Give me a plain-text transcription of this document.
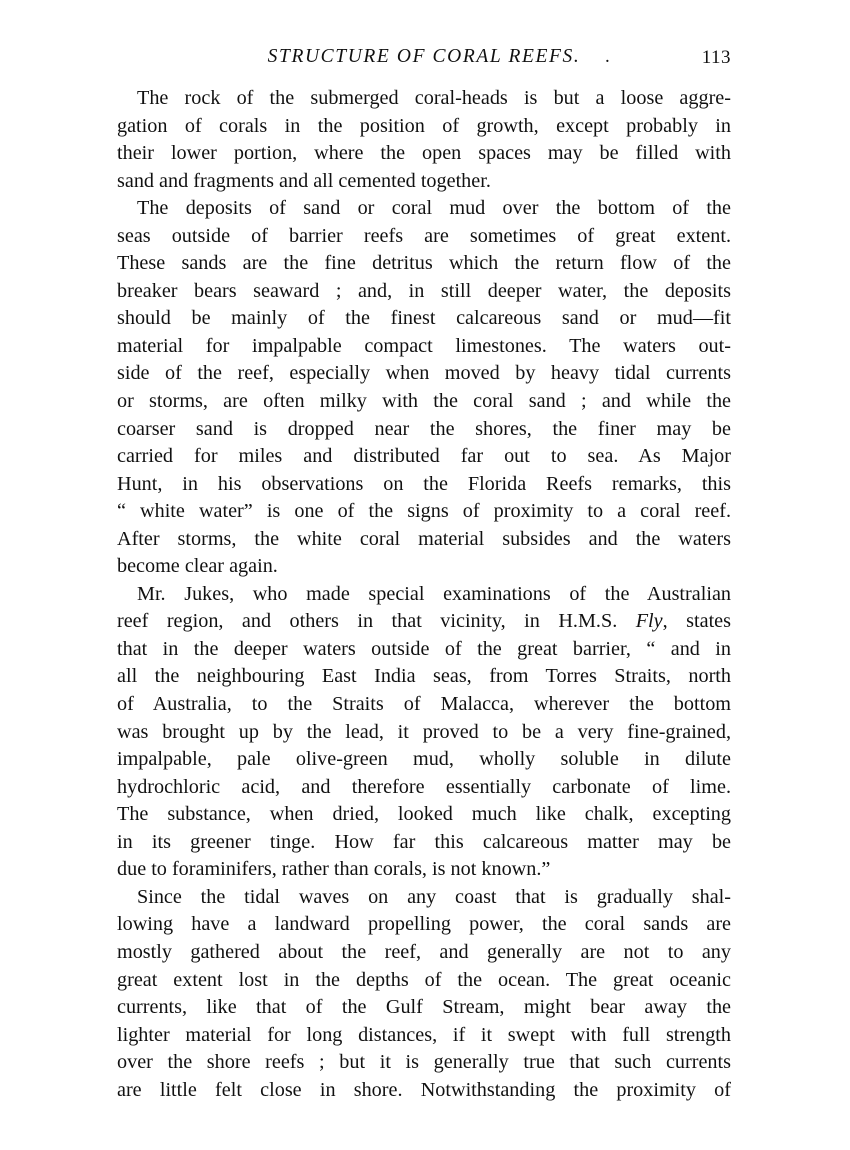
STRUCTURE OF CORAL REEFS.	.	113
The rock of the submerged coral-heads is but a loose aggre-
gation of corals in the position of growth, except probably in
their lower portion, where the open spaces may be filled with
sand and fragments and all cemented together.
The deposits of sand or coral mud over the bottom of the
seas outside of barrier reefs are sometimes of great extent.
These sands are the fine detritus which the return flow of the
breaker bears seaward ; and, in still deeper water, the deposits
should be mainly of the finest calcareous sand or mud—fit
material for impalpable compact limestones. The waters out-
side of the reef, especially when moved by heavy tidal currents
or storms, are often milky with the coral sand ; and while the
coarser sand is dropped near the shores, the finer may be
carried for miles and distributed far out to sea. As Major
Hunt, in his observations on the Florida Reefs remarks, this
“ white water” is one of the signs of proximity to a coral reef.
After storms, the white coral material subsides and the waters
become clear again.
Mr. Jukes, who made special examinations of the Australian
reef region, and others in that vicinity, in H.M.S. Fly, states
that in the deeper waters outside of the great barrier, “ and in
all the neighbouring East India seas, from Torres Straits, north
of Australia, to the Straits of Malacca, wherever the bottom
was brought up by the lead, it proved to be a very fine-grained,
impalpable, pale olive-green mud, wholly soluble in dilute
hydrochloric acid, and therefore essentially carbonate of lime.
The substance, when dried, looked much like chalk, excepting
in its greener tinge. How far this calcareous matter may be
due to foraminifers, rather than corals, is not known.”
Since the tidal waves on any coast that is gradually shal-
lowing have a landward propelling power, the coral sands are
mostly gathered about the reef, and generally are not to any
great extent lost in the depths of the ocean. The great oceanic
currents, like that of the Gulf Stream, might bear away the
lighter material for long distances, if it swept with full strength
over the shore reefs ; but it is generally true that such currents
are little felt close in shore. Notwithstanding the proximity of
